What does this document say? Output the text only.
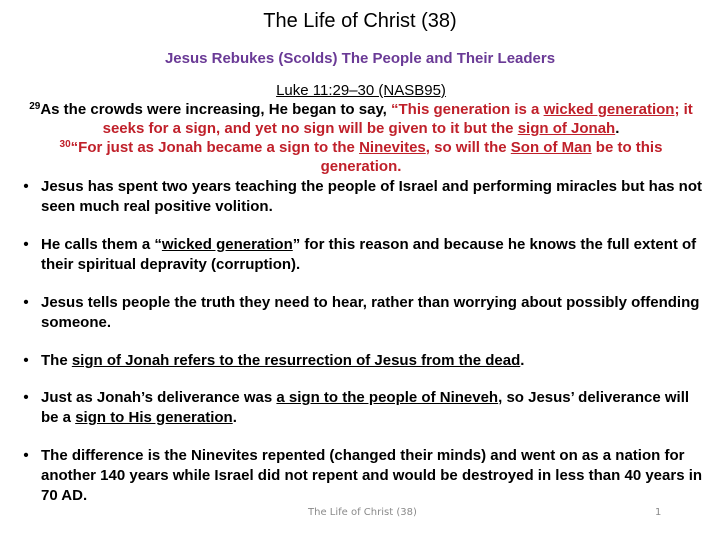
The Life of Christ (38)
Jesus Rebukes (Scolds) The People and Their Leaders
Luke 11:29–30 (NASB95)
$^{29}$As the crowds were increasing, He began to say, “This generation is a wicked generation; it seeks for a sign, and yet no sign will be given to it but the sign of Jonah.
$^{30}$“For just as Jonah became a sign to the Ninevites, so will the Son of Man be to this generation.
• Jesus has spent two years teaching the people of Israel and performing miracles but has not seen much real positive volition.
• He calls them a “wicked generation” for this reason and because he knows the full extent of their spiritual depravity (corruption).
• Jesus tells people the truth they need to hear, rather than worrying about possibly offending someone.
• The sign of Jonah refers to the resurrection of Jesus from the dead.
• Just as Jonah’s deliverance was a sign to the people of Nineveh, so Jesus’ deliverance will be a sign to His generation.
• The difference is the Ninevites repented (changed their minds) and went on as a nation for another 140 years while Israel did not repent and would be destroyed in less than 40 years in 70 AD.
The Life of Christ (38)	1
